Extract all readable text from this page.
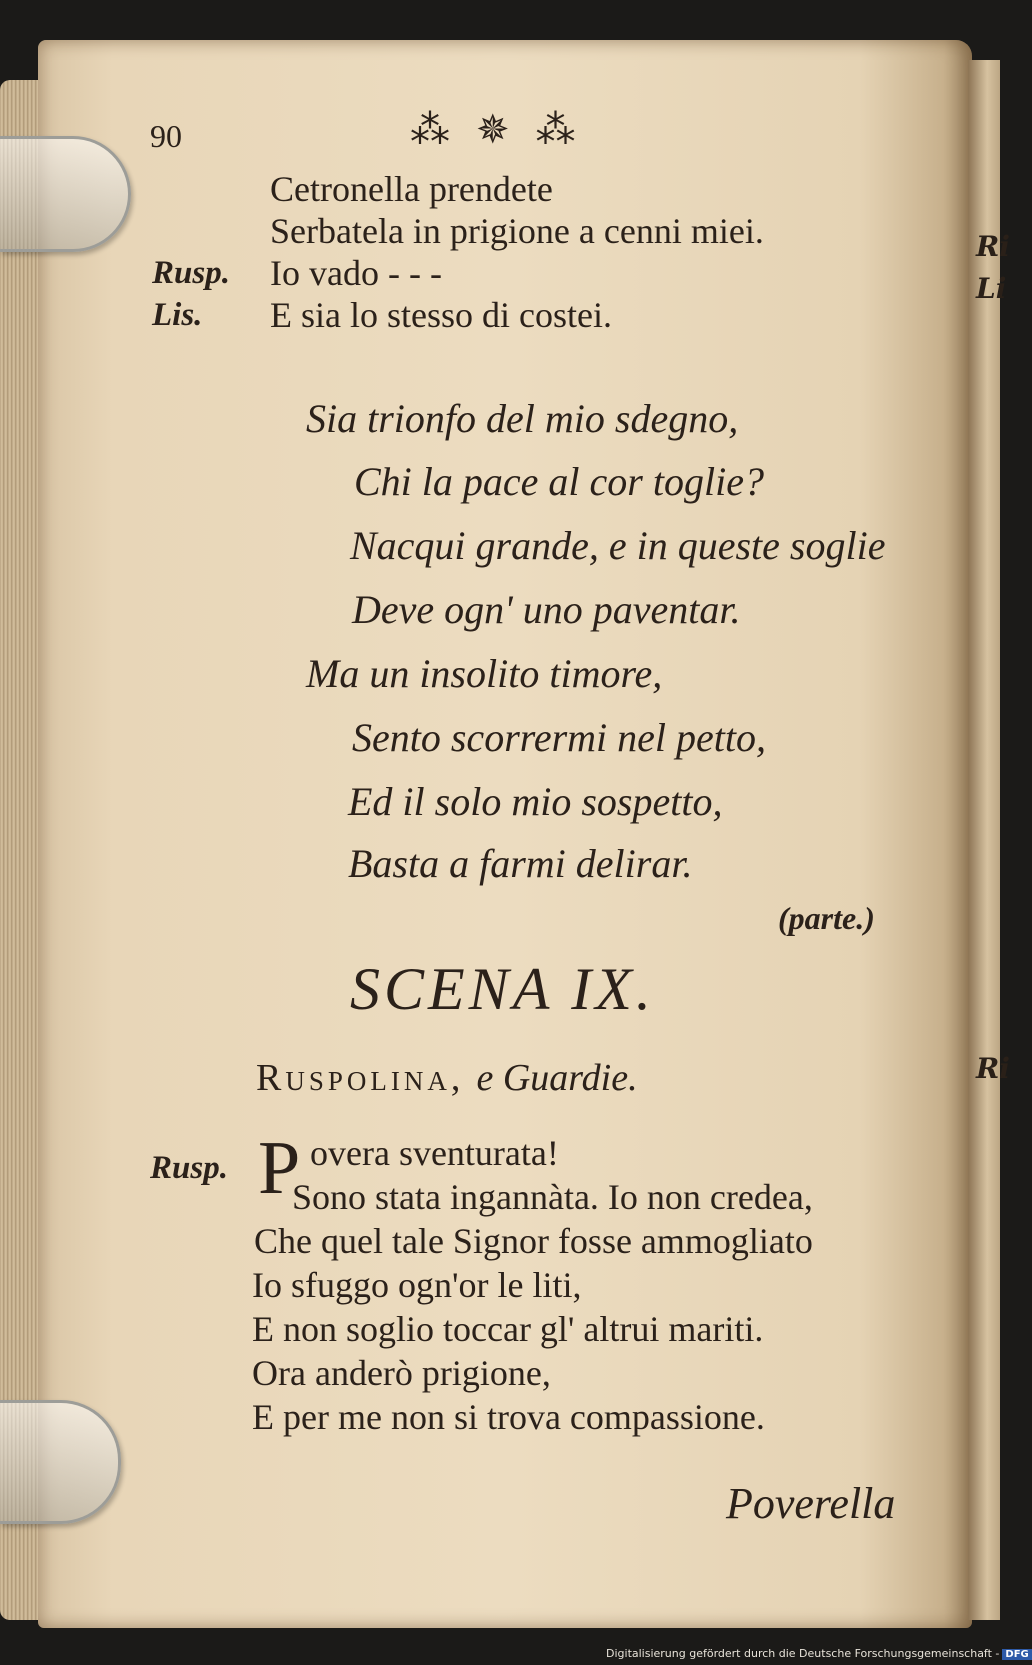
Ri
Li
Ri
90	⁂ ✵ ⁂
Cetronella prendete
Serbatela in prigione a cenni miei.
Rusp. Io vado - - -
Lis. E sia lo stesso di costei.
Sia trionfo del mio sdegno,
Chi la pace al cor toglie?
Nacqui grande, e in queste soglie
Deve ogn' uno paventar.
Ma un insolito timore,
Sento scorrermi nel petto,
Ed il solo mio sospetto,
Basta a farmi delirar.
(parte.)
SCENA IX.
Ruspolina, e Guardie.
Rusp. P overa sventurata!
Sono stata ingannàta. Io non credea,
Che quel tale Signor fosse ammogliato
Io sfuggo ogn'or le liti,
E non soglio toccar gl' altrui mariti.
Ora anderò prigione,
E per me non si trova compassione.
Poverella
Digitalisierung gefördert durch die Deutsche Forschungsgemeinschaft - DFG
